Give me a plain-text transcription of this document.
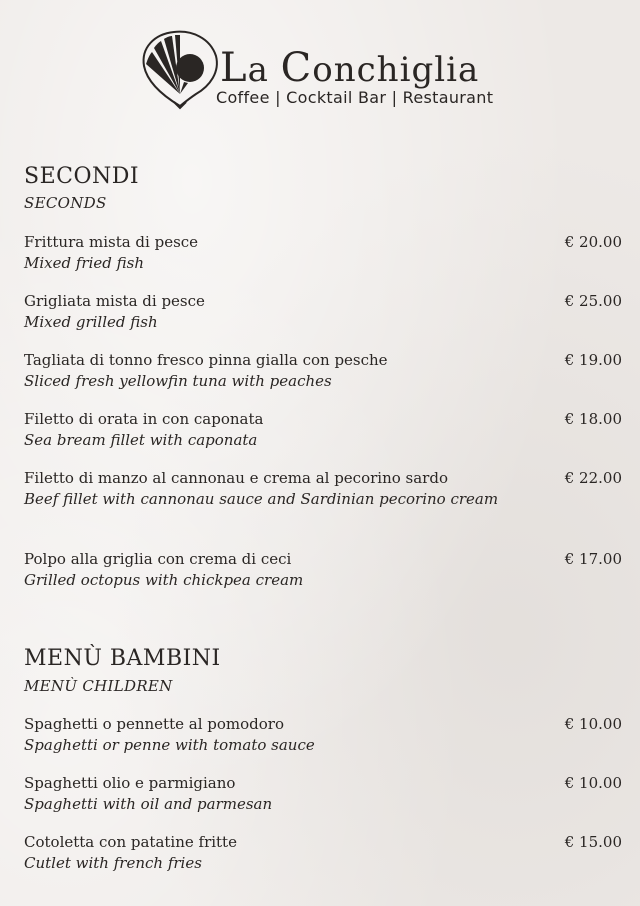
La Conchiglia
Coffee | Cocktail Bar | Restaurant
SECONDI
SECONDS
Frittura mista di pesce
Mixed fried fish
€ 20.00
Grigliata mista di pesce
Mixed grilled fish
€ 25.00
Tagliata di tonno fresco pinna gialla con pesche
Sliced fresh yellowfin tuna with peaches
€ 19.00
Filetto di orata in con caponata
Sea bream fillet with caponata
€ 18.00
Filetto di manzo al cannonau e crema al pecorino sardo
Beef fillet with cannonau sauce and Sardinian pecorino cream
€ 22.00
Polpo alla griglia con crema di ceci
Grilled octopus with chickpea cream
€ 17.00
MENÙ BAMBINI
MENÙ CHILDREN
Spaghetti o pennette al pomodoro
Spaghetti or penne with tomato sauce
€ 10.00
Spaghetti olio e parmigiano
Spaghetti with oil and parmesan
€ 10.00
Cotoletta con patatine fritte
Cutlet with french fries
€ 15.00
